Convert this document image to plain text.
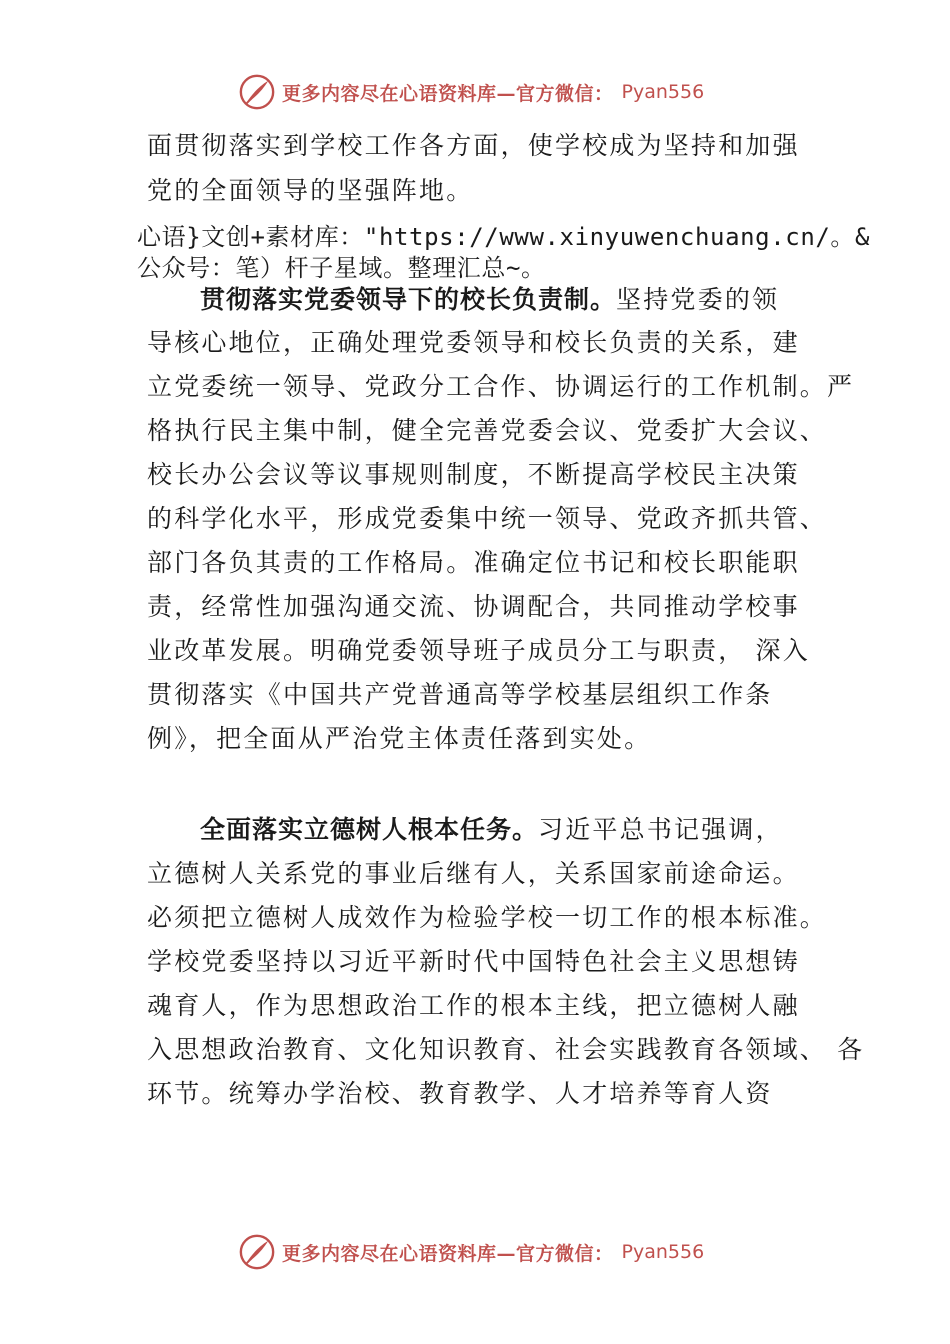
更多内容尽在心语资料库—官方微信： Pyan556
面贯彻落实到学校工作各方面，使学校成为坚持和加强
党的全面领导的坚强阵地。
心语}文创+素材库："https://www.xinyuwenchuang.cn/。&
公众号：笔）杆子星域。整理汇总~。
贯彻落实党委领导下的校长负责制。坚持党委的领
导核心地位，正确处理党委领导和校长负责的关系，建
立党委统一领导、党政分工合作、协调运行的工作机制。严
格执行民主集中制，健全完善党委会议、党委扩大会议、
校长办公会议等议事规则制度，不断提高学校民主决策
的科学化水平，形成党委集中统一领导、党政齐抓共管、
部门各负其责的工作格局。准确定位书记和校长职能职
责，经常性加强沟通交流、协调配合，共同推动学校事
业改革发展。明确党委领导班子成员分工与职责， 深入
贯彻落实《中国共产党普通高等学校基层组织工作条
例》，把全面从严治党主体责任落到实处。
全面落实立德树人根本任务。习近平总书记强调，
立德树人关系党的事业后继有人，关系国家前途命运。
必须把立德树人成效作为检验学校一切工作的根本标准。
学校党委坚持以习近平新时代中国特色社会主义思想铸
魂育人，作为思想政治工作的根本主线，把立德树人融
入思想政治教育、文化知识教育、社会实践教育各领域、 各
环节。统筹办学治校、教育教学、人才培养等育人资
更多内容尽在心语资料库—官方微信： Pyan556
